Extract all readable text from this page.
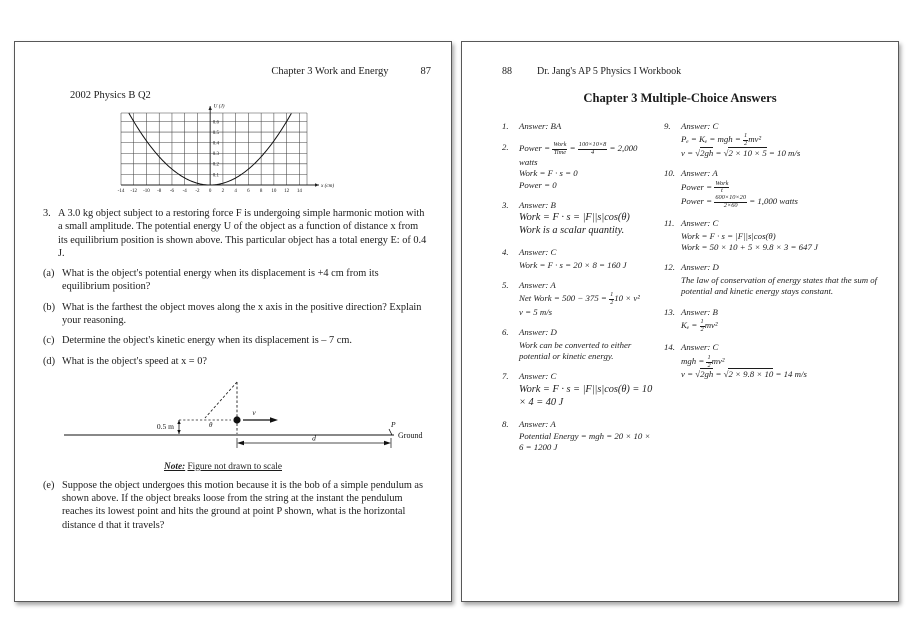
Chapter 3 Work and Energy	87
2002 Physics B Q2
U (J)
x (cm)
0.1
0.2
0.3
0.4
0.5
0.6
-14 -12 -10 -8 -6 -4 -2 0 2 4 6 8 10 12 14
3. A 3.0 kg object subject to a restoring force F is undergoing simple harmonic motion with a small amplitude. The potential energy U of the object as a function of distance x from its equilibrium position is shown above. This particular object has a total energy E: of 0.4 J.
(a) What is the object's potential energy when its displacement is +4 cm from its equilibrium position?
(b) What is the farthest the object moves along the x axis in the positive direction? Explain your reasoning.
(c) Determine the object's kinetic energy when its displacement is – 7 cm.
(d) What is the object's speed at x = 0?
v
θ
0.5 m
Ground
P
d
Note: Figure not drawn to scale
(e) Suppose the object undergoes this motion because it is the bob of a simple pendulum as shown above. If the object breaks loose from the string at the instant the pendulum reaches its lowest point and hits the ground at point P shown, what is the horizontal distance d that it travels?
88	Dr. Jang's AP 5 Physics I Workbook
Chapter 3 Multiple-Choice Answers
1.	Answer: BA
2.	Power = $\frac{\text{Work}}{\text{Time}} = \frac{100\times 10\times 8}{4} = 2,000$ watts
Work = F · s = 0
Power = 0
3.	Answer: B
Work = F · s = |F||s|cos(θ)
Work is a scalar quantity.
4.	Answer: C
Work = F · s = 20 × 8 = 160 J
5.	Answer: A
Net Work = $500 - 375 = \frac{1}{2} 10 \times v^2$
v = 5 m/s
6.	Answer: D
Work can be converted to either potential or kinetic energy.
7.	Answer: C
Work = F · s = |F||s|cos(θ) = 10 × 4 = 40 J
8.	Answer: A
Potential Energy = mgh = 20 × 10 × 6 = 1200 J
9.	Answer: C
Pₑ = Kₑ = mgh = $\frac{1}{2} mv^2$
v = √2gh = √2 × 10 × 5 = 10 m/s
10. Answer: A
Power = $\frac{\text{Work}}{t}$
Power = $\frac{600\times 10\times 20}{2\times 60} = 1,000$ watts
11. Answer: C
Work = F · s = |F||s|cos(θ)
Work = 50 × 10 + 5 × 9.8 × 3 = 647 J
12. Answer: D
The law of conservation of energy states that the sum of potential and kinetic energy stays constant.
13. Answer: B
$K_e = \frac{1}{2} mv^2$
14. Answer: C
mgh = $\frac{1}{2} mv^2$
v = √2gh = √2 × 9.8 × 10 = 14 m/s
